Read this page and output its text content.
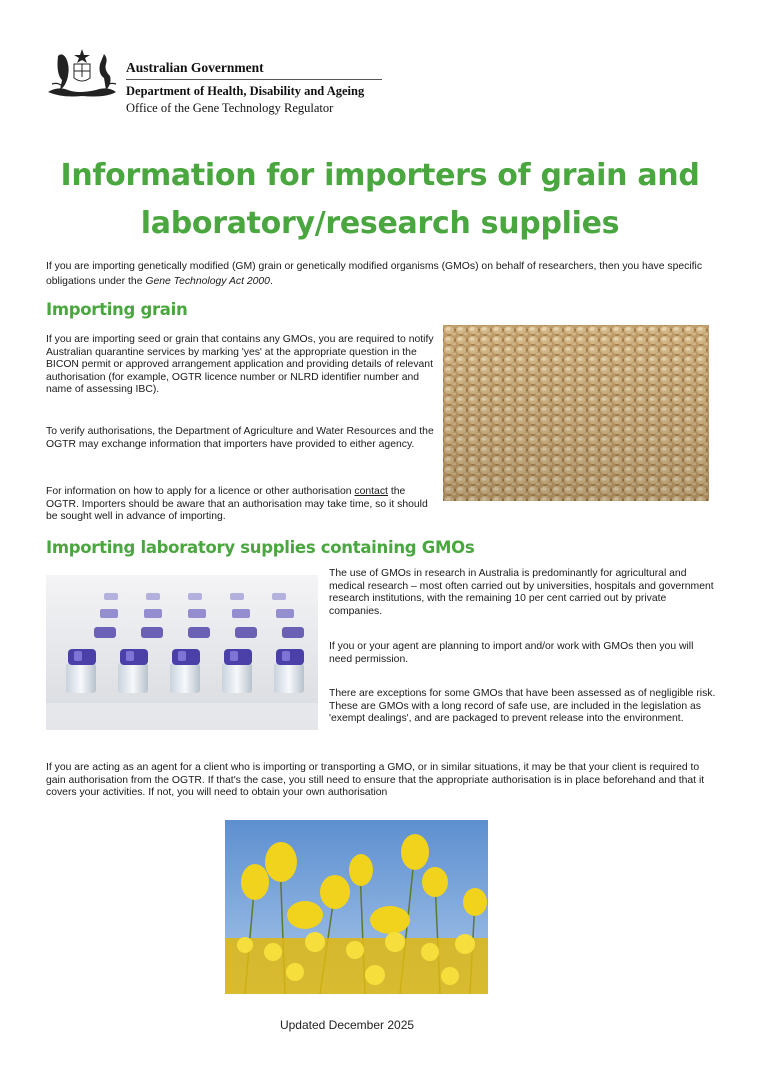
Australian Government
Department of Health, Disability and Ageing
Office of the Gene Technology Regulator
Information for importers of grain and
laboratory/research supplies
If you are importing genetically modified (GM) grain or genetically modified organisms (GMOs) on behalf of researchers, then you have specific obligations under the Gene Technology Act 2000.
Importing grain
If you are importing seed or grain that contains any GMOs, you are required to notify Australian quarantine services by marking 'yes' at the appropriate question in the BICON permit or approved arrangement application and providing details of relevant authorisation (for example, OGTR licence number or NLRD identifier number and name of assessing IBC).
To verify authorisations, the Department of Agriculture and Water Resources and the OGTR may exchange information that importers have provided to either agency.
For information on how to apply for a licence or other authorisation contact the OGTR. Importers should be aware that an authorisation may take time, so it should be sought well in advance of importing.
Importing laboratory supplies containing GMOs
The use of GMOs in research in Australia is predominantly for agricultural and medical research – most often carried out by universities, hospitals and government research institutions, with the remaining 10 per cent carried out by private companies.
If you or your agent are planning to import and/or work with GMOs then you will need permission.
There are exceptions for some GMOs that have been assessed as of negligible risk. These are GMOs with a long record of safe use, are included in the legislation as 'exempt dealings', and are packaged to prevent release into the environment.
If you are acting as an agent for a client who is importing or transporting a GMO, or in similar situations, it may be that your client is required to gain authorisation from the OGTR. If that's the case, you still need to ensure that the appropriate authorisation is in place beforehand and that it covers your activities. If not, you will need to obtain your own authorisation
Updated December 2025
